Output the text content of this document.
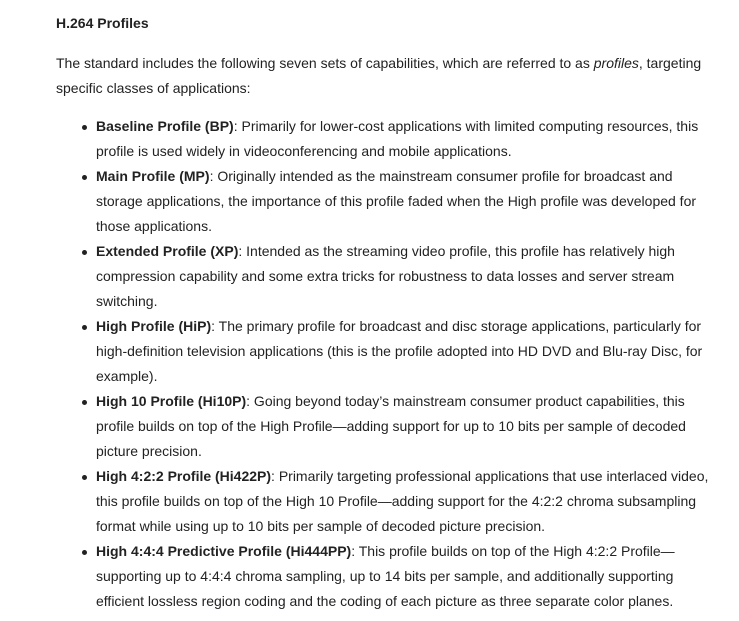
H.264 Profiles

The standard includes the following seven sets of capabilities, which are referred to as profiles, targeting specific classes of applications:

Baseline Profile (BP): Primarily for lower-cost applications with limited computing resources, this profile is used widely in videoconferencing and mobile applications.
Main Profile (MP): Originally intended as the mainstream consumer profile for broadcast and storage applications, the importance of this profile faded when the High profile was developed for those applications.
Extended Profile (XP): Intended as the streaming video profile, this profile has relatively high compression capability and some extra tricks for robustness to data losses and server stream switching.
High Profile (HiP): The primary profile for broadcast and disc storage applications, particularly for high-definition television applications (this is the profile adopted into HD DVD and Blu-ray Disc, for example).
High 10 Profile (Hi10P): Going beyond today’s mainstream consumer product capabilities, this profile builds on top of the High Profile—adding support for up to 10 bits per sample of decoded picture precision.
High 4:2:2 Profile (Hi422P): Primarily targeting professional applications that use interlaced video, this profile builds on top of the High 10 Profile—adding support for the 4:2:2 chroma subsampling format while using up to 10 bits per sample of decoded picture precision.
High 4:4:4 Predictive Profile (Hi444PP): This profile builds on top of the High 4:2:2 Profile—supporting up to 4:4:4 chroma sampling, up to 14 bits per sample, and additionally supporting efficient lossless region coding and the coding of each picture as three separate color planes.
